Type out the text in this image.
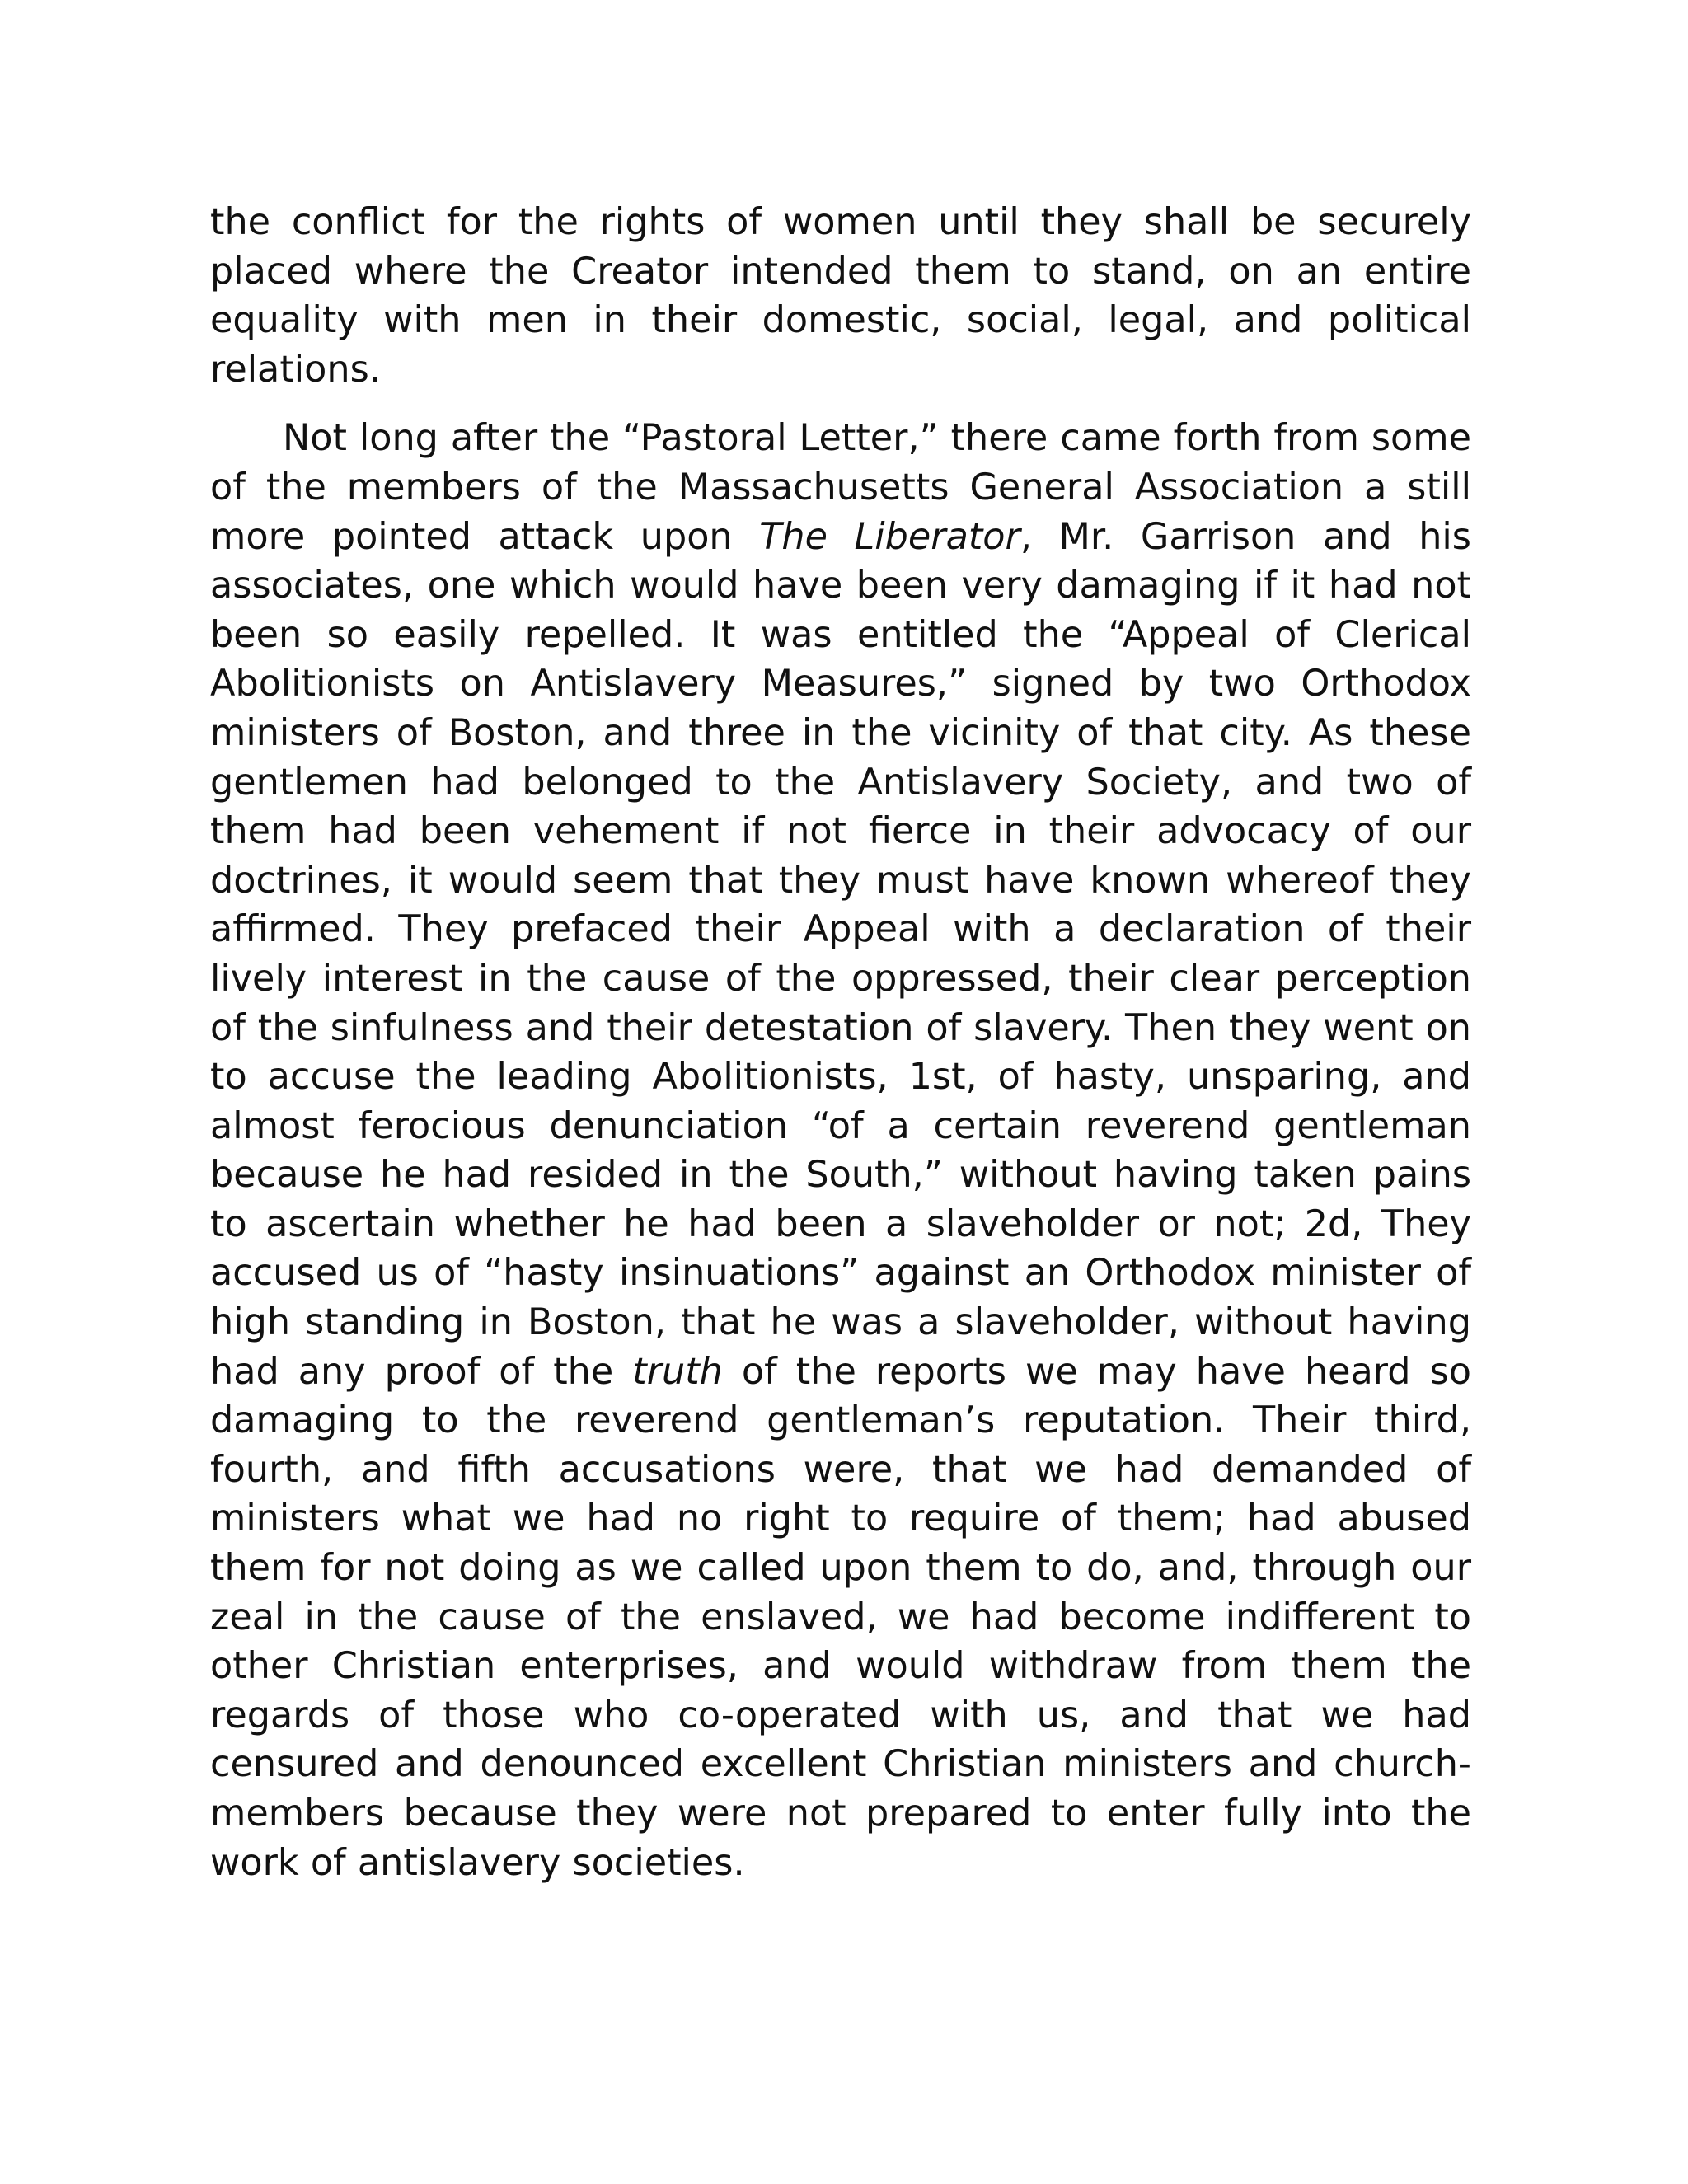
the conflict for the rights of women until they shall be securely placed where the Creator intended them to stand, on an entire equality with men in their domestic, social, legal, and political relations.

Not long after the “Pastoral Letter,” there came forth from some of the members of the Massachusetts General Association a still more pointed attack upon The Liberator, Mr. Garrison and his associates, one which would have been very damaging if it had not been so easily repelled. It was entitled the “Appeal of Clerical Abolitionists on Antislavery Measures,” signed by two Orthodox ministers of Boston, and three in the vicinity of that city. As these gentlemen had belonged to the Antislavery Society, and two of them had been vehement if not fierce in their advocacy of our doctrines, it would seem that they must have known whereof they affirmed. They prefaced their Appeal with a declaration of their lively interest in the cause of the oppressed, their clear perception of the sinfulness and their detestation of slavery. Then they went on to accuse the leading Abolitionists, 1st, of hasty, unsparing, and almost ferocious denunciation “of a certain reverend gentleman because he had resided in the South,” without having taken pains to ascertain whether he had been a slaveholder or not; 2d, They accused us of “hasty insinuations” against an Orthodox minister of high standing in Boston, that he was a slaveholder, without having had any proof of the truth of the reports we may have heard so damaging to the reverend gentleman’s reputation. Their third, fourth, and fifth accusations were, that we had demanded of ministers what we had no right to require of them; had abused them for not doing as we called upon them to do, and, through our zeal in the cause of the enslaved, we had become indifferent to other Christian enterprises, and would withdraw from them the regards of those who co-operated with us, and that we had censured and denounced excellent Christian ministers and church-members because they were not prepared to enter fully into the work of antislavery societies.
